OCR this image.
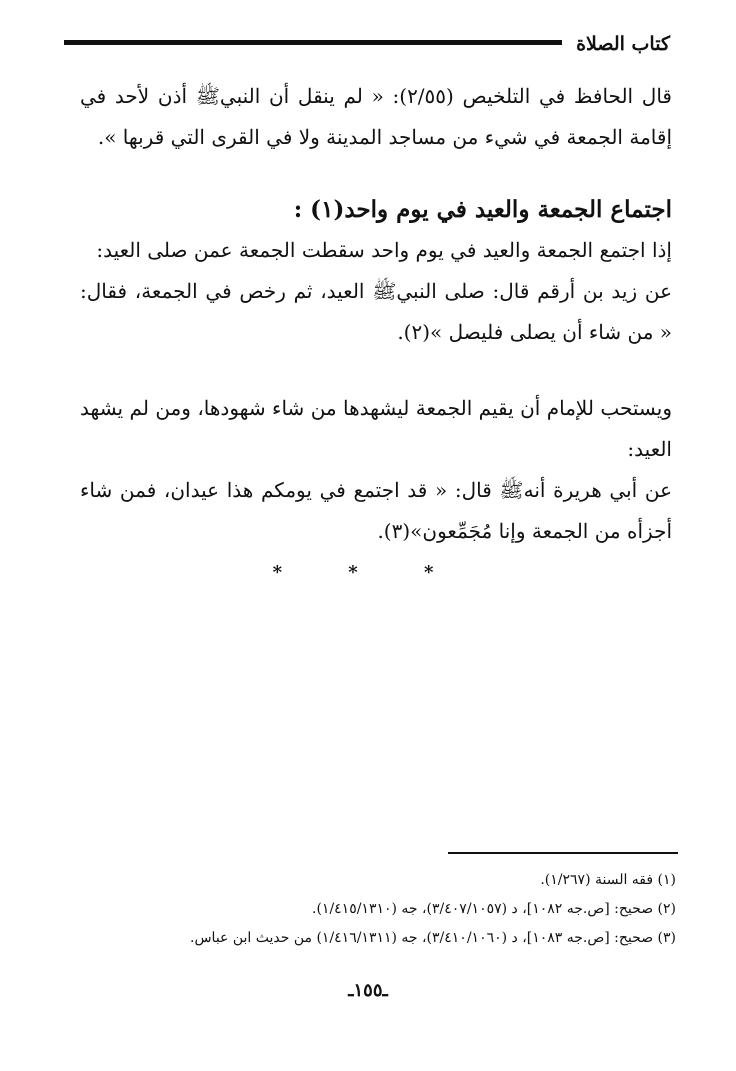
كتاب الصلاة

قال الحافظ في التلخيص (٢/٥٥): « لم ينقل أن النبيﷺ أذن لأحد في إقامة الجمعة في شيء من مساجد المدينة ولا في القرى التي قربها ».

اجتماع الجمعة والعيد في يوم واحد(١) :

إذا اجتمع الجمعة والعيد في يوم واحد سقطت الجمعة عمن صلى العيد:

عن زيد بن أرقم قال: صلى النبيﷺ العيد، ثم رخص في الجمعة، فقال: « من شاء أن يصلى فليصل »(٢).

ويستحب للإمام أن يقيم الجمعة ليشهدها من شاء شهودها، ومن لم يشهد العيد:

عن أبي هريرة أنهﷺ قال: « قد اجتمع في يومكم هذا عيدان، فمن شاء أجزأه من الجمعة وإنا مُجَمِّعون»(٣).

* * *

(١) فقه السنة (١/٢٦٧).

(٢) صحيح: [ص.جه ١٠٨٢]، د (٣/٤٠٧/١٠٥٧)، جه (١/٤١٥/١٣١٠).

(٣) صحيح: [ص.جه ١٠٨٣]، د (٣/٤١٠/١٠٦٠)، جه (١/٤١٦/١٣١١) من حديث ابن عباس.

ـ١٥٥ـ
